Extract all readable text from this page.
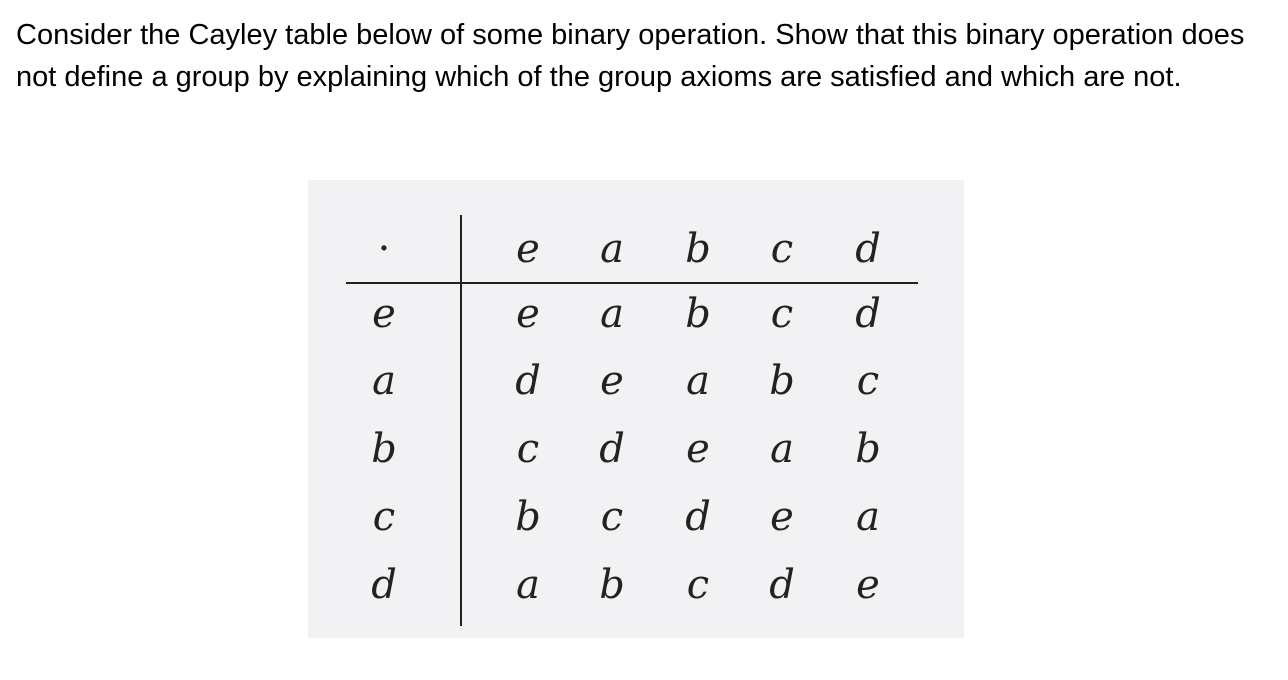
Consider the Cayley table below of some binary operation. Show that this binary operation does not define a group by explaining which of the group axioms are satisfied and which are not.

·	e a b c d
e	e a b c d
a	d e a b c
b	c d e a b
c	b c d e a
d	a b c d e
